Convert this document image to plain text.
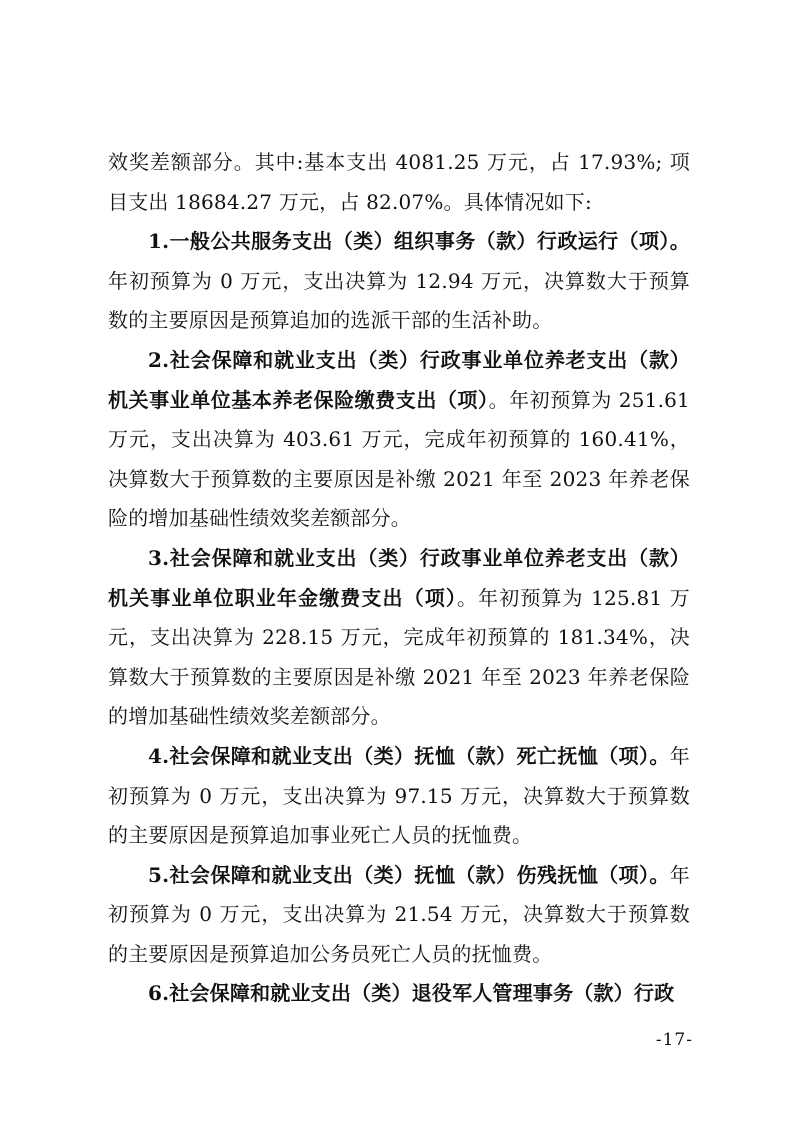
效奖差额部分。其中:基本支出 4081.25 万元，占 17.93%; 项目支出 18684.27 万元，占 82.07%。具体情况如下:

1.一般公共服务支出（类）组织事务（款）行政运行（项）。年初预算为 0 万元，支出决算为 12.94 万元，决算数大于预算数的主要原因是预算追加的选派干部的生活补助。

2.社会保障和就业支出（类）行政事业单位养老支出（款）机关事业单位基本养老保险缴费支出（项）。年初预算为 251.61 万元，支出决算为 403.61 万元，完成年初预算的 160.41%，决算数大于预算数的主要原因是补缴 2021 年至 2023 年养老保险的增加基础性绩效奖差额部分。

3.社会保障和就业支出（类）行政事业单位养老支出（款）机关事业单位职业年金缴费支出（项）。年初预算为 125.81 万元，支出决算为 228.15 万元，完成年初预算的 181.34%，决算数大于预算数的主要原因是补缴 2021 年至 2023 年养老保险的增加基础性绩效奖差额部分。

4.社会保障和就业支出（类）抚恤（款）死亡抚恤（项）。年初预算为 0 万元，支出决算为 97.15 万元，决算数大于预算数的主要原因是预算追加事业死亡人员的抚恤费。

5.社会保障和就业支出（类）抚恤（款）伤残抚恤（项）。年初预算为 0 万元，支出决算为 21.54 万元，决算数大于预算数的主要原因是预算追加公务员死亡人员的抚恤费。

6.社会保障和就业支出（类）退役军人管理事务（款）行政

-17-
